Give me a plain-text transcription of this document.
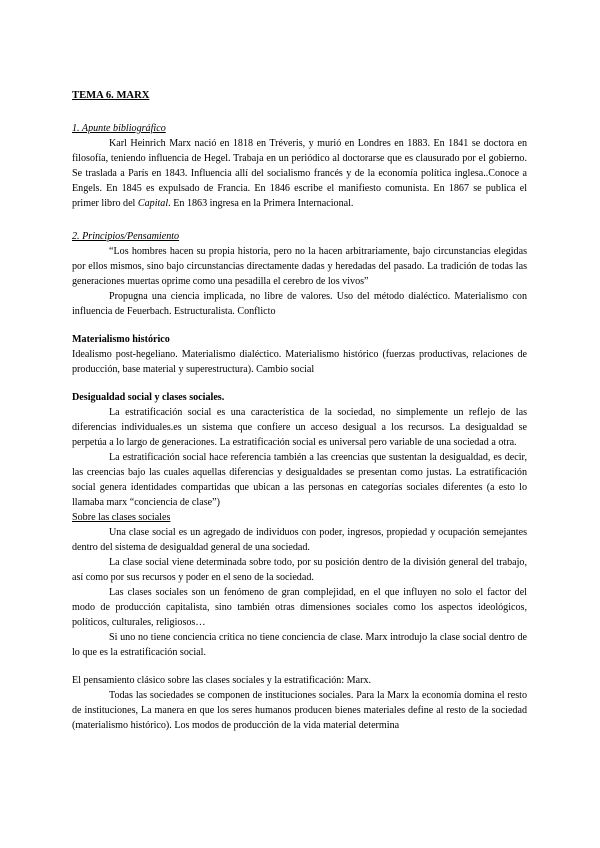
TEMA 6. MARX

1. Apunte bibliográfico

Karl Heinrich Marx nació en 1818 en Tréveris, y murió en Londres en 1883. En 1841 se doctora en filosofía, teniendo influencia de Hegel. Trabaja en un periódico al doctorarse que es clausurado por el gobierno. Se traslada a París en 1843. Influencia allí del socialismo francés y de la economía política inglesa..Conoce a Engels. En 1845 es expulsado de Francia. En 1846 escribe el manifiesto comunista. En 1867 se publica el primer libro del Capital. En 1863 ingresa en la Primera Internacional.

2. Principios/Pensamiento

“Los hombres hacen su propia historia, pero no la hacen arbitrariamente, bajo circunstancias elegidas por ellos mismos, sino bajo circunstancias directamente dadas y heredadas del pasado. La tradición de todas las generaciones muertas oprime como una pesadilla el cerebro de los vivos”

Propugna una ciencia implicada, no libre de valores. Uso del método dialéctico. Materialismo con influencia de Feuerbach. Estructuralista. Conflicto

Materialismo histórico

Idealismo post-hegeliano. Materialismo dialéctico. Materialismo histórico (fuerzas productivas, relaciones de producción, base material y superestructura). Cambio social

Desigualdad social y clases sociales.

La estratificación social es una característica de la sociedad, no simplemente un reflejo de las diferencias individuales.es un sistema que confiere un acceso desigual a los recursos. La desigualdad se perpetúa a lo largo de generaciones. La estratificación social es universal pero variable de una sociedad a otra.

La estratificación social hace referencia también a las creencias que sustentan la desigualdad, es decir, las creencias bajo las cuales aquellas diferencias y desigualdades se presentan como justas. La estratificación social genera identidades compartidas que ubican a las personas en categorías sociales diferentes (a esto lo llamaba marx “conciencia de clase”)

Sobre las clases sociales

Una clase social es un agregado de individuos con poder, ingresos, propiedad y ocupación semejantes dentro del sistema de desigualdad general de una sociedad.

La clase social viene determinada sobre todo, por su posición dentro de la división general del trabajo, así como por sus recursos y poder en el seno de la sociedad.

Las clases sociales son un fenómeno de gran complejidad, en el que influyen no solo el factor del modo de producción capitalista, sino también otras dimensiones sociales como los aspectos ideológicos, políticos, culturales, religiosos…

Si uno no tiene conciencia crítica no tiene conciencia de clase. Marx introdujo la clase social dentro de lo que es la estratificación social.

El pensamiento clásico sobre las clases sociales y la estratificación: Marx.

Todas las sociedades se componen de instituciones sociales. Para la Marx la economía domina el resto de instituciones, La manera en que los seres humanos producen bienes materiales define al resto de la sociedad (materialismo histórico). Los modos de producción de la vida material determina
